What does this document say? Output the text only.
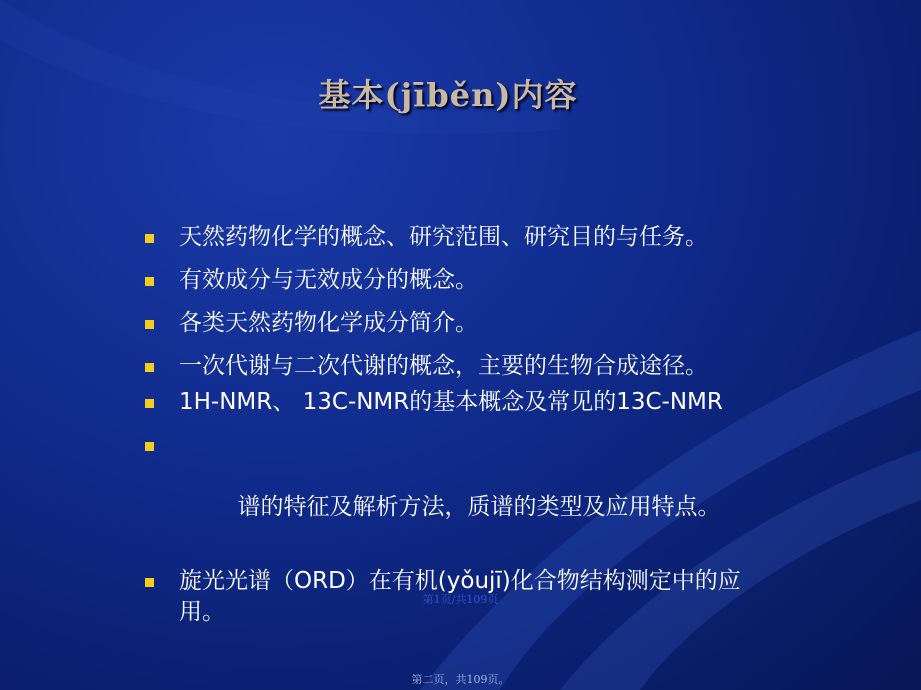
基本(jīběn)内容
天然药物化学的概念、研究范围、研究目的与任务。
有效成分与无效成分的概念。
各类天然药物化学成分简介。
一次代谢与二次代谢的概念，主要的生物合成途径。
1H-NMR、 13C-NMR的基本概念及常见的13C-NMR

谱的特征及解析方法，质谱的类型及应用特点。

旋光光谱（ORD）在有机(yǒujī)化合物结构测定中的应用。	第1页/共109页
第二页，共109页。
